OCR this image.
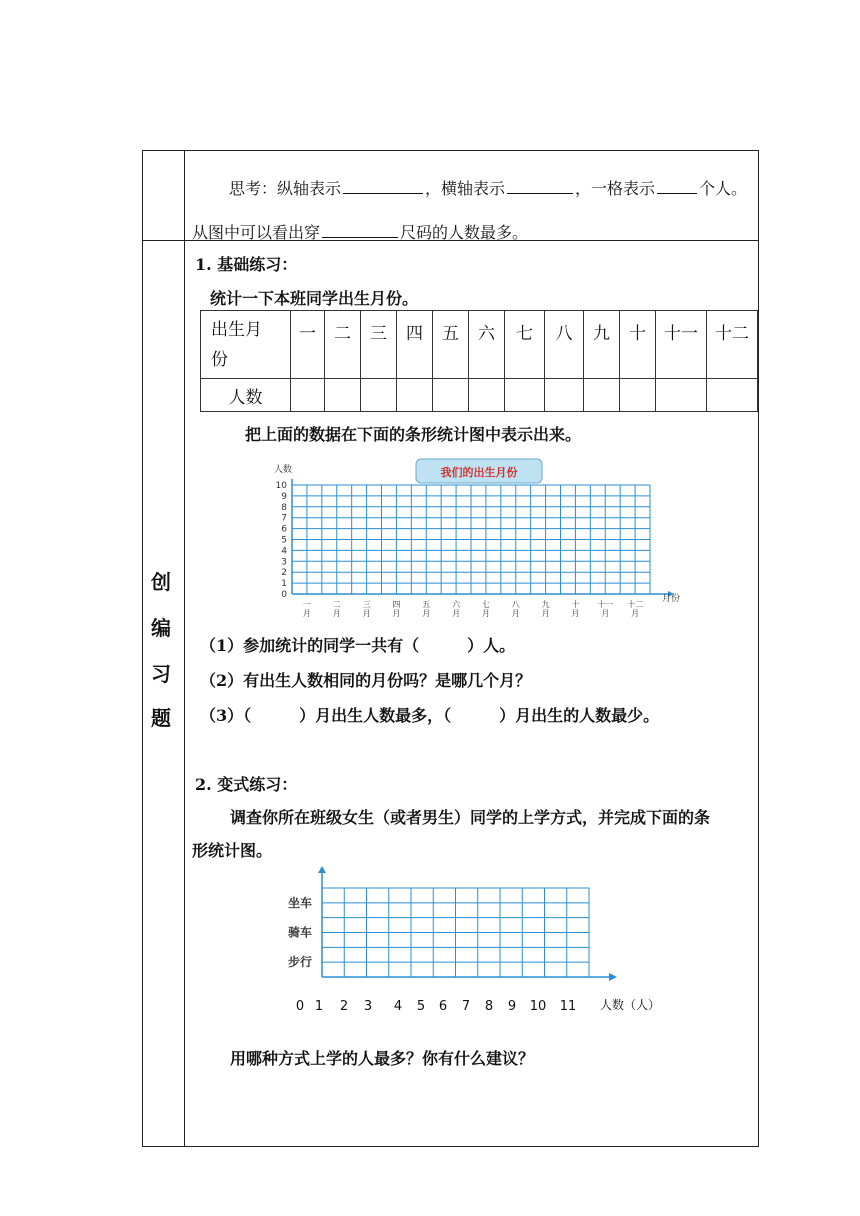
思考：纵轴表示	，横轴表示	，一格表示	个人。
从图中可以看出穿	尺码的人数最多。
创
编
习
题
1. 基础练习：
统计一下本班同学出生月份。
出生月
份	一	二	三	四	五	六	七	八	九	十	十一	十二
人数												
把上面的数据在下面的条形统计图中表示出来。
我们的出生月份
人数
0
1
2
3
4
5
6
7
8
9
10
一
月
二
月
三
月
四
月
五
月
六
月
七
月
八
月
九
月
十
月
十一
月
十二
月
月份
（1）参加统计的同学一共有（　　　）人。
（2）有出生人数相同的月份吗？是哪几个月？
（3）（　　　）月出生人数最多，（　　　）月出生的人数最少。
2. 变式练习：
调查你所在班级女生（或者男生）同学的上学方式，并完成下面的条
形统计图。
坐车
骑车
步行
0 1 2 3 4 5 6 7 8 9 10 11 人数（人）
用哪种方式上学的人最多？你有什么建议？
